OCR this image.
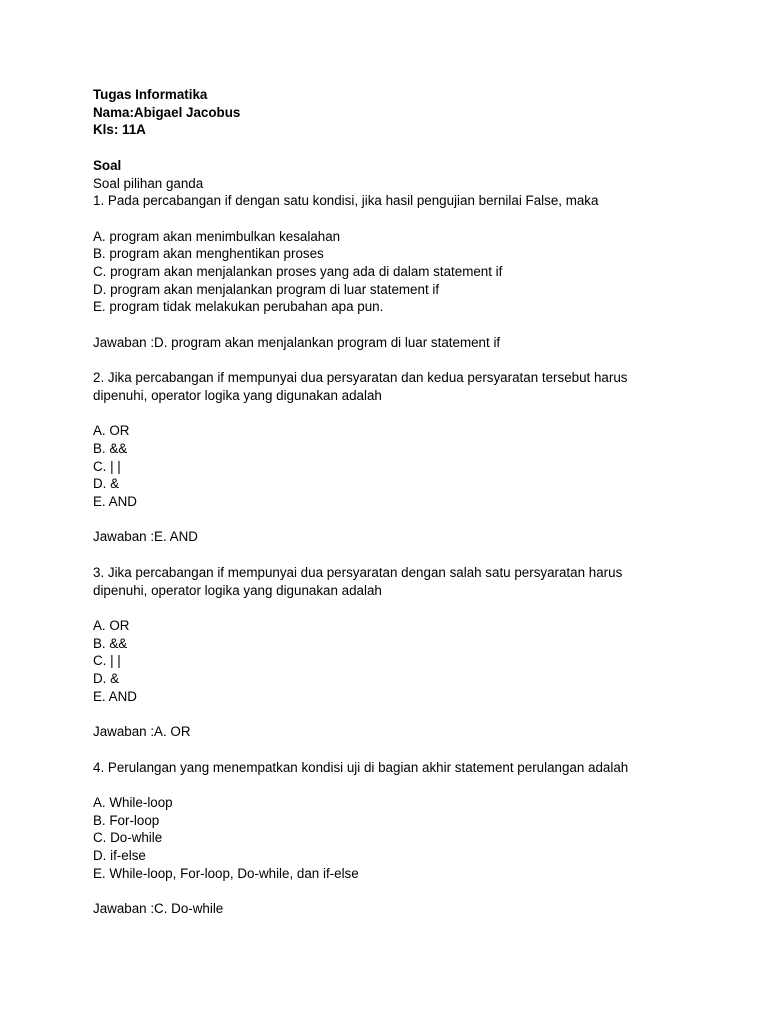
Tugas Informatika
Nama:Abigael Jacobus
Kls: 11A
Soal
Soal pilihan ganda
1. Pada percabangan if dengan satu kondisi, jika hasil pengujian bernilai False, maka
A. program akan menimbulkan kesalahan
B. program akan menghentikan proses
C. program akan menjalankan proses yang ada di dalam statement if
D. program akan menjalankan program di luar statement if
E. program tidak melakukan perubahan apa pun.
Jawaban :D. program akan menjalankan program di luar statement if
2. Jika percabangan if mempunyai dua persyaratan dan kedua persyaratan tersebut harus
dipenuhi, operator logika yang digunakan adalah
A. OR
B. &&
C. | |
D. &
E. AND
Jawaban :E. AND
3. Jika percabangan if mempunyai dua persyaratan dengan salah satu persyaratan harus
dipenuhi, operator logika yang digunakan adalah
A. OR
B. &&
C. | |
D. &
E. AND
Jawaban :A. OR
4. Perulangan yang menempatkan kondisi uji di bagian akhir statement perulangan adalah
A. While-loop
B. For-loop
C. Do-while
D. if-else
E. While-loop, For-loop, Do-while, dan if-else
Jawaban :C. Do-while
